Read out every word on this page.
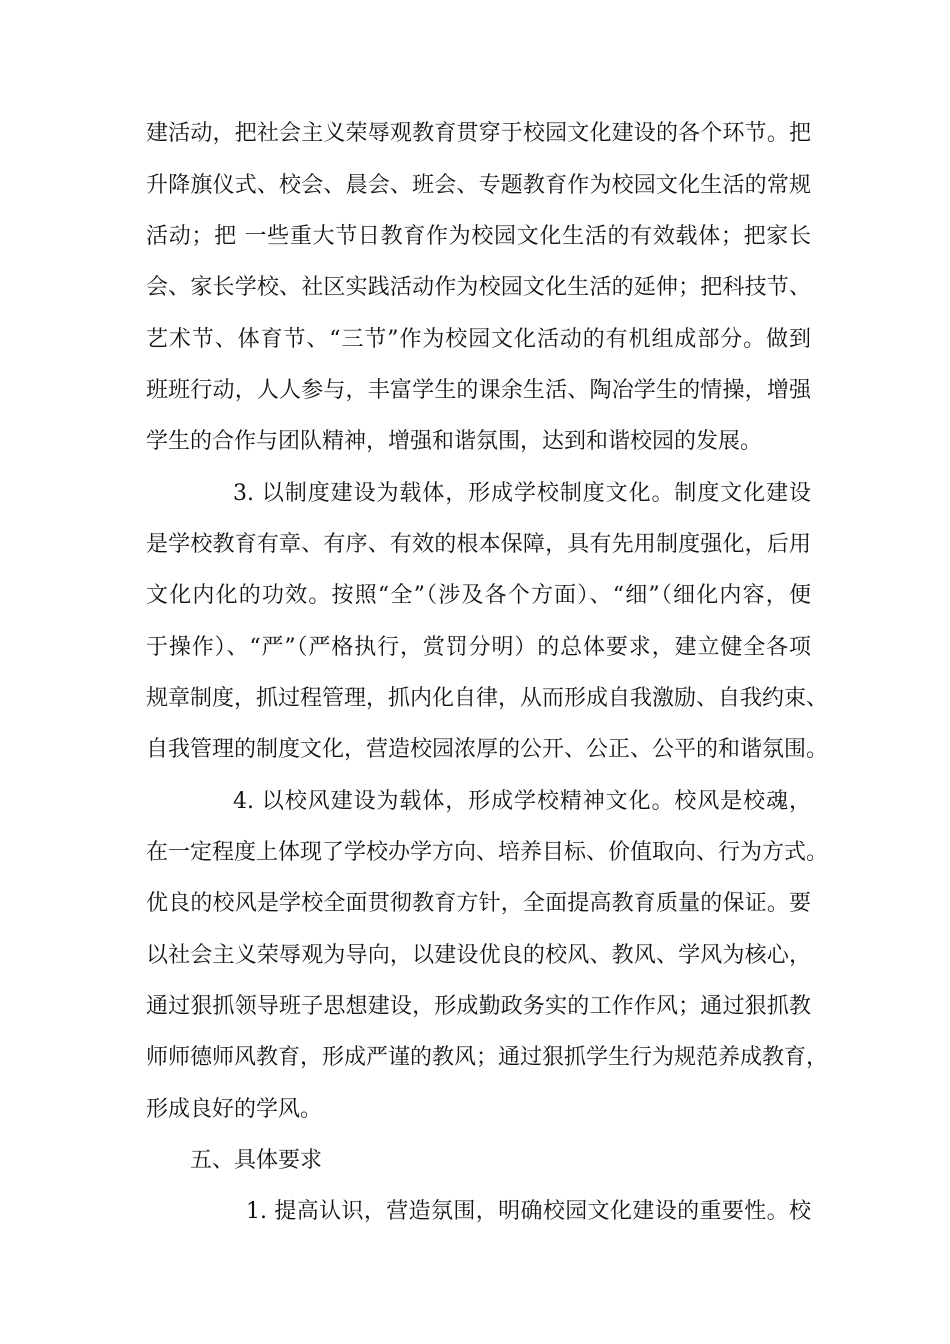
建活动，把社会主义荣辱观教育贯穿于校园文化建设的各个环节。把
升降旗仪式、校会、晨会、班会、专题教育作为校园文化生活的常规
活动；把 一些重大节日教育作为校园文化生活的有效载体；把家长
会、家长学校、社区实践活动作为校园文化生活的延伸；把科技节、
艺术节、体育节、“三节”作为校园文化活动的有机组成部分。做到
班班行动，人人参与，丰富学生的课余生活、陶冶学生的情操，增强
学生的合作与团队精神，增强和谐氛围，达到和谐校园的发展。
3. 以制度建设为载体，形成学校制度文化。制度文化建设
是学校教育有章、有序、有效的根本保障，具有先用制度强化，后用
文化内化的功效。按照“全”（涉及各个方面）、“细”（细化内容，便
于操作）、“严”（严格执行，赏罚分明）的总体要求，建立健全各项
规章制度，抓过程管理，抓内化自律，从而形成自我激励、自我约束、
自我管理的制度文化，营造校园浓厚的公开、公正、公平的和谐氛围。
4. 以校风建设为载体，形成学校精神文化。校风是校魂，
在一定程度上体现了学校办学方向、培养目标、价值取向、行为方式。
优良的校风是学校全面贯彻教育方针，全面提高教育质量的保证。要
以社会主义荣辱观为导向，以建设优良的校风、教风、学风为核心，
通过狠抓领导班子思想建设，形成勤政务实的工作作风；通过狠抓教
师师德师风教育，形成严谨的教风；通过狠抓学生行为规范养成教育，
形成良好的学风。
五、具体要求
1. 提高认识，营造氛围，明确校园文化建设的重要性。校
